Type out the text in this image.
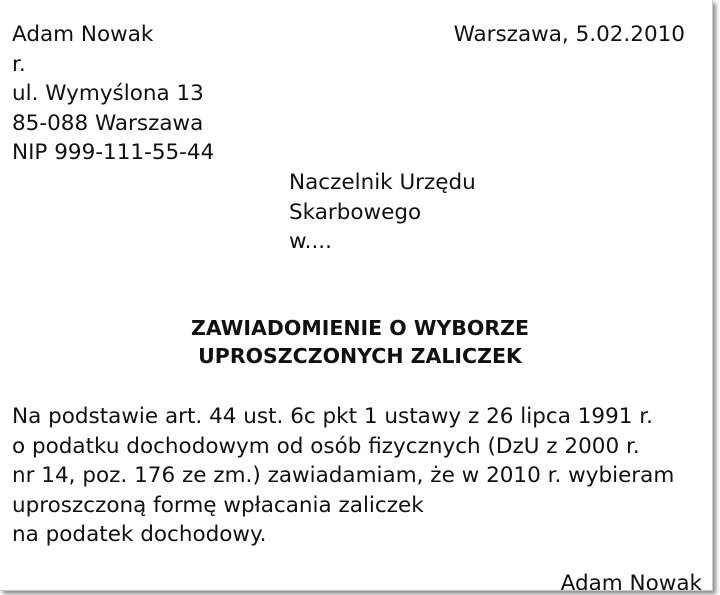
Adam Nowak
r.
ul. Wymyślona 13
85-088 Warszawa
NIP 999-111-55-44
Warszawa, 5.02.2010
Naczelnik Urzędu
Skarbowego
w....
ZAWIADOMIENIE O WYBORZE
UPROSZCZONYCH ZALICZEK
Na podstawie art. 44 ust. 6c pkt 1 ustawy z 26 lipca 1991 r.
o podatku dochodowym od osób fizycznych (DzU z 2000 r.
nr 14, poz. 176 ze zm.) zawiadamiam, że w 2010 r. wybieram
uproszczoną formę wpłacania zaliczek
na podatek dochodowy.
Adam Nowak
